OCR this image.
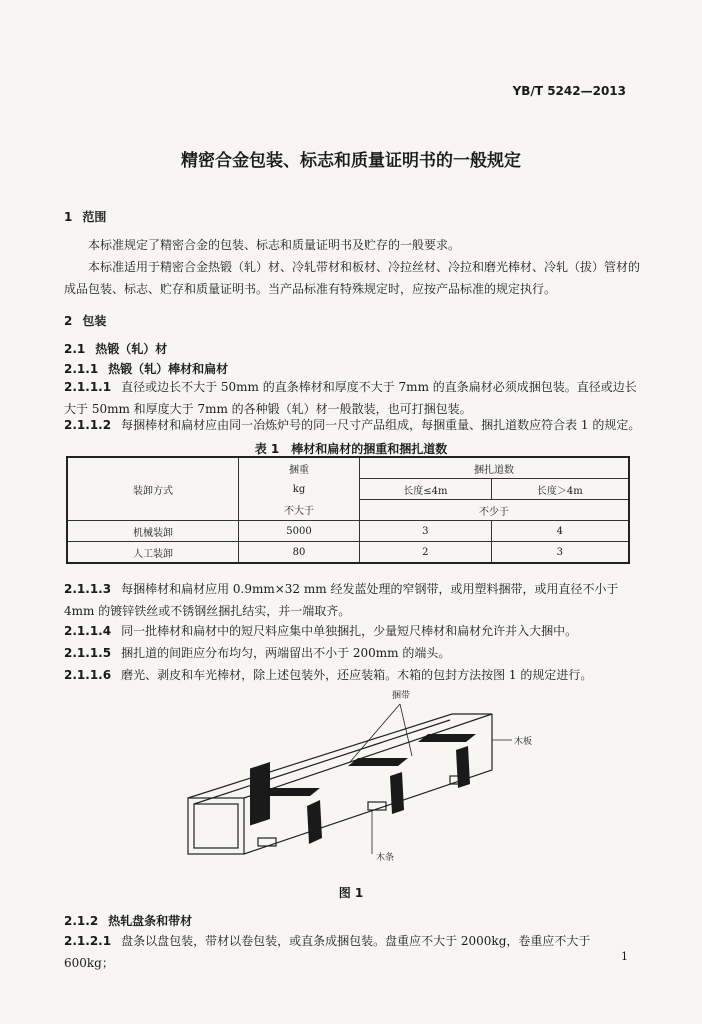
YB/T 5242—2013
精密合金包装、标志和质量证明书的一般规定
1 范围
本标准规定了精密合金的包装、标志和质量证明书及贮存的一般要求。
本标准适用于精密合金热锻（轧）材、冷轧带材和板材、冷拉丝材、冷拉和磨光棒材、冷轧（拔）管材的成品包装、标志、贮存和质量证明书。当产品标准有特殊规定时，应按产品标准的规定执行。
2 包装
2.1 热锻（轧）材
2.1.1 热锻（轧）棒材和扁材
2.1.1.1 直径或边长不大于 50mm 的直条棒材和厚度不大于 7mm 的直条扁材必须成捆包装。直径或边长大于 50mm 和厚度大于 7mm 的各种锻（轧）材一般散装，也可打捆包装。
2.1.1.2 每捆棒材和扁材应由同一冶炼炉号的同一尺寸产品组成，每捆重量、捆扎道数应符合表 1 的规定。
表 1　棒材和扁材的捆重和捆扎道数
装卸方式	捆重	捆扎道数	
	kg	长度≤4m	长度＞4m
	不大于	不少于	
机械装卸	5000	3	4
人工装卸	80	2	3
2.1.1.3 每捆棒材和扁材应用 0.9mm×32 mm 经发蓝处理的窄钢带，或用塑料捆带，或用直径不小于 4mm 的镀锌铁丝或不锈钢丝捆扎结实，并一端取齐。
2.1.1.4 同一批棒材和扁材中的短尺料应集中单独捆扎，少量短尺棒材和扁材允许并入大捆中。
2.1.1.5 捆扎道的间距应分布均匀，两端留出不小于 200mm 的端头。
2.1.1.6 磨光、剥皮和车光棒材，除上述包装外，还应装箱。木箱的包封方法按图 1 的规定进行。
捆带
木板
木条
图 1
2.1.2 热轧盘条和带材
2.1.2.1 盘条以盘包装，带材以卷包装，或直条成捆包装。盘重应不大于 2000kg，卷重应不大于 600kg；	1
